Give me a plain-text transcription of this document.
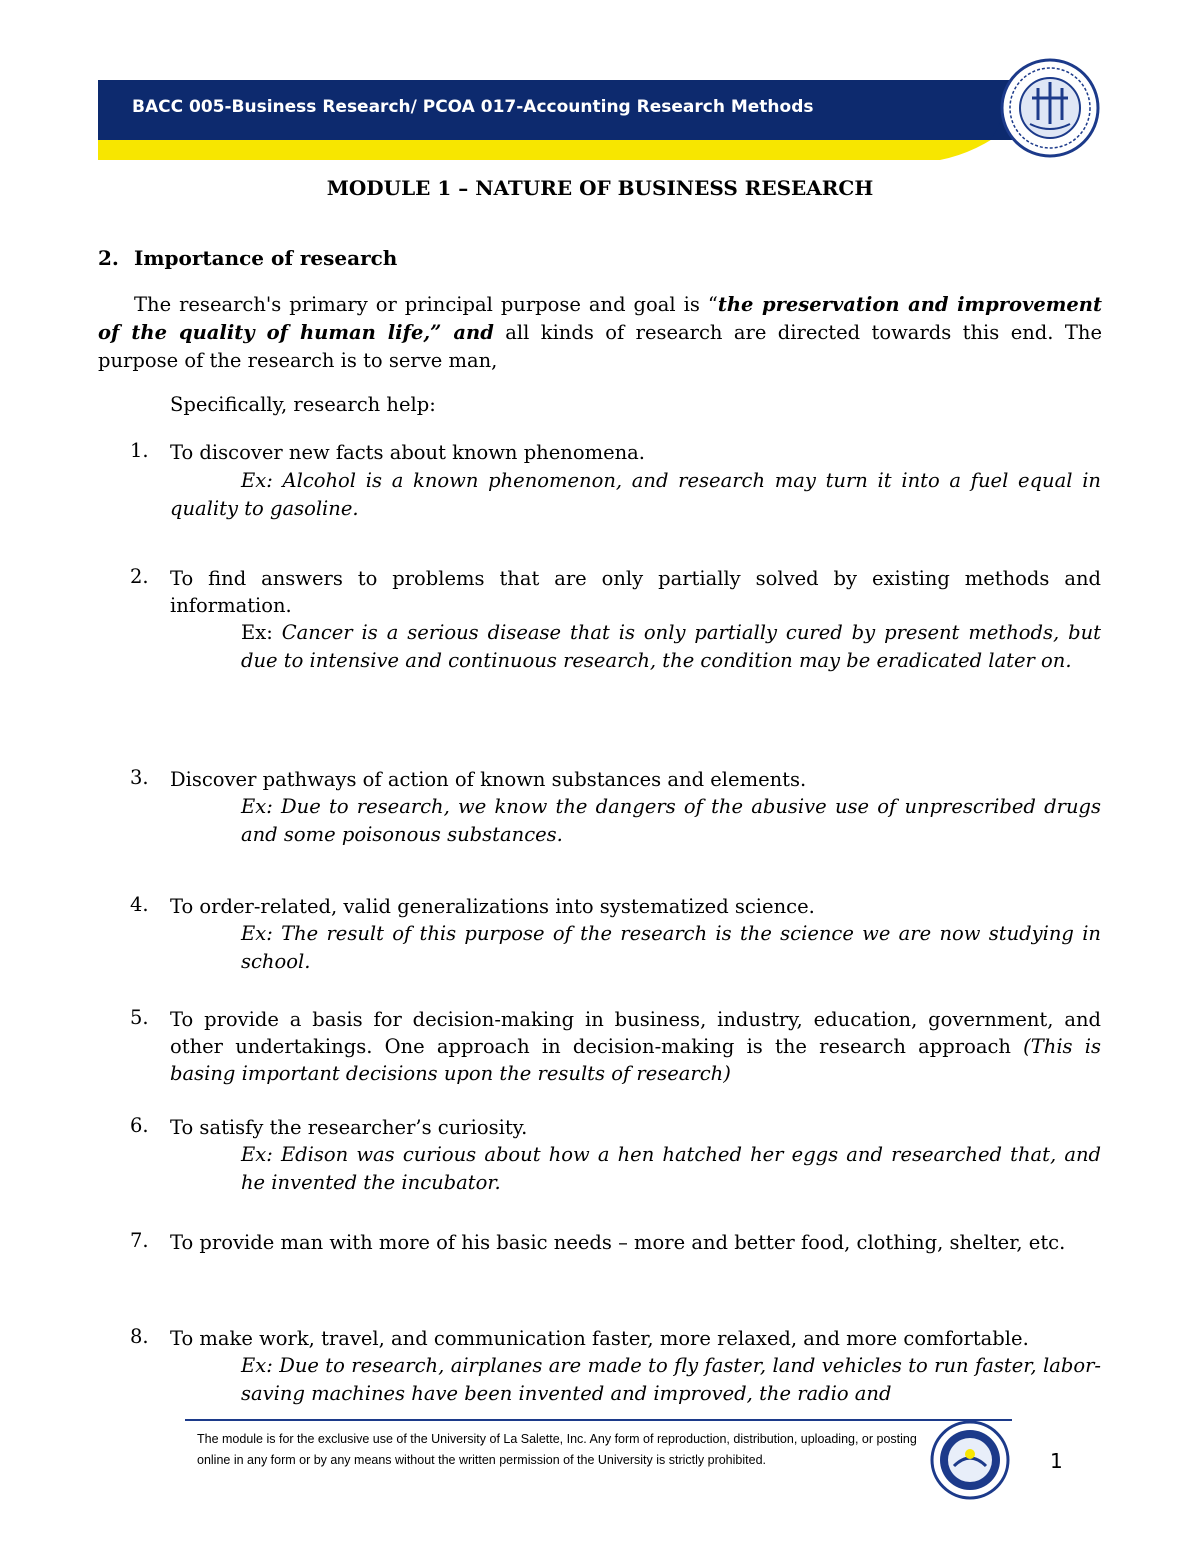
BACC 005-Business Research/ PCOA 017-Accounting Research Methods
MODULE 1 – NATURE OF BUSINESS RESEARCH
2. Importance of research

The research's primary or principal purpose and goal is “the preservation and improvement of the quality of human life,” and all kinds of research are directed towards this end. The purpose of the research is to serve man,

Specifically, research help:
1. To discover new facts about known phenomena.

Ex: Alcohol is a known phenomenon, and research may turn it into a fuel equal in quality to gasoline.

2. To find answers to problems that are only partially solved by existing methods and information.

Ex: Cancer is a serious disease that is only partially cured by present methods, but due to intensive and continuous research, the condition may be eradicated later on.

3. Discover pathways of action of known substances and elements.

Ex: Due to research, we know the dangers of the abusive use of unprescribed drugs and some poisonous substances.

4. To order-related, valid generalizations into systematized science.

Ex: The result of this purpose of the research is the science we are now studying in school.

5. To provide a basis for decision-making in business, industry, education, government, and other undertakings. One approach in decision-making is the research approach (This is basing important decisions upon the results of research)

6. To satisfy the researcher’s curiosity.

Ex: Edison was curious about how a hen hatched her eggs and researched that, and he invented the incubator.

7. To provide man with more of his basic needs – more and better food, clothing, shelter, etc.

8. To make work, travel, and communication faster, more relaxed, and more comfortable.

Ex: Due to research, airplanes are made to fly faster, land vehicles to run faster, labor-saving machines have been invented and improved, the radio and

The module is for the exclusive use of the University of La Salette, Inc. Any form of reproduction, distribution, uploading, or posting online in any form or by any means without the written permission of the University is strictly prohibited.	1
